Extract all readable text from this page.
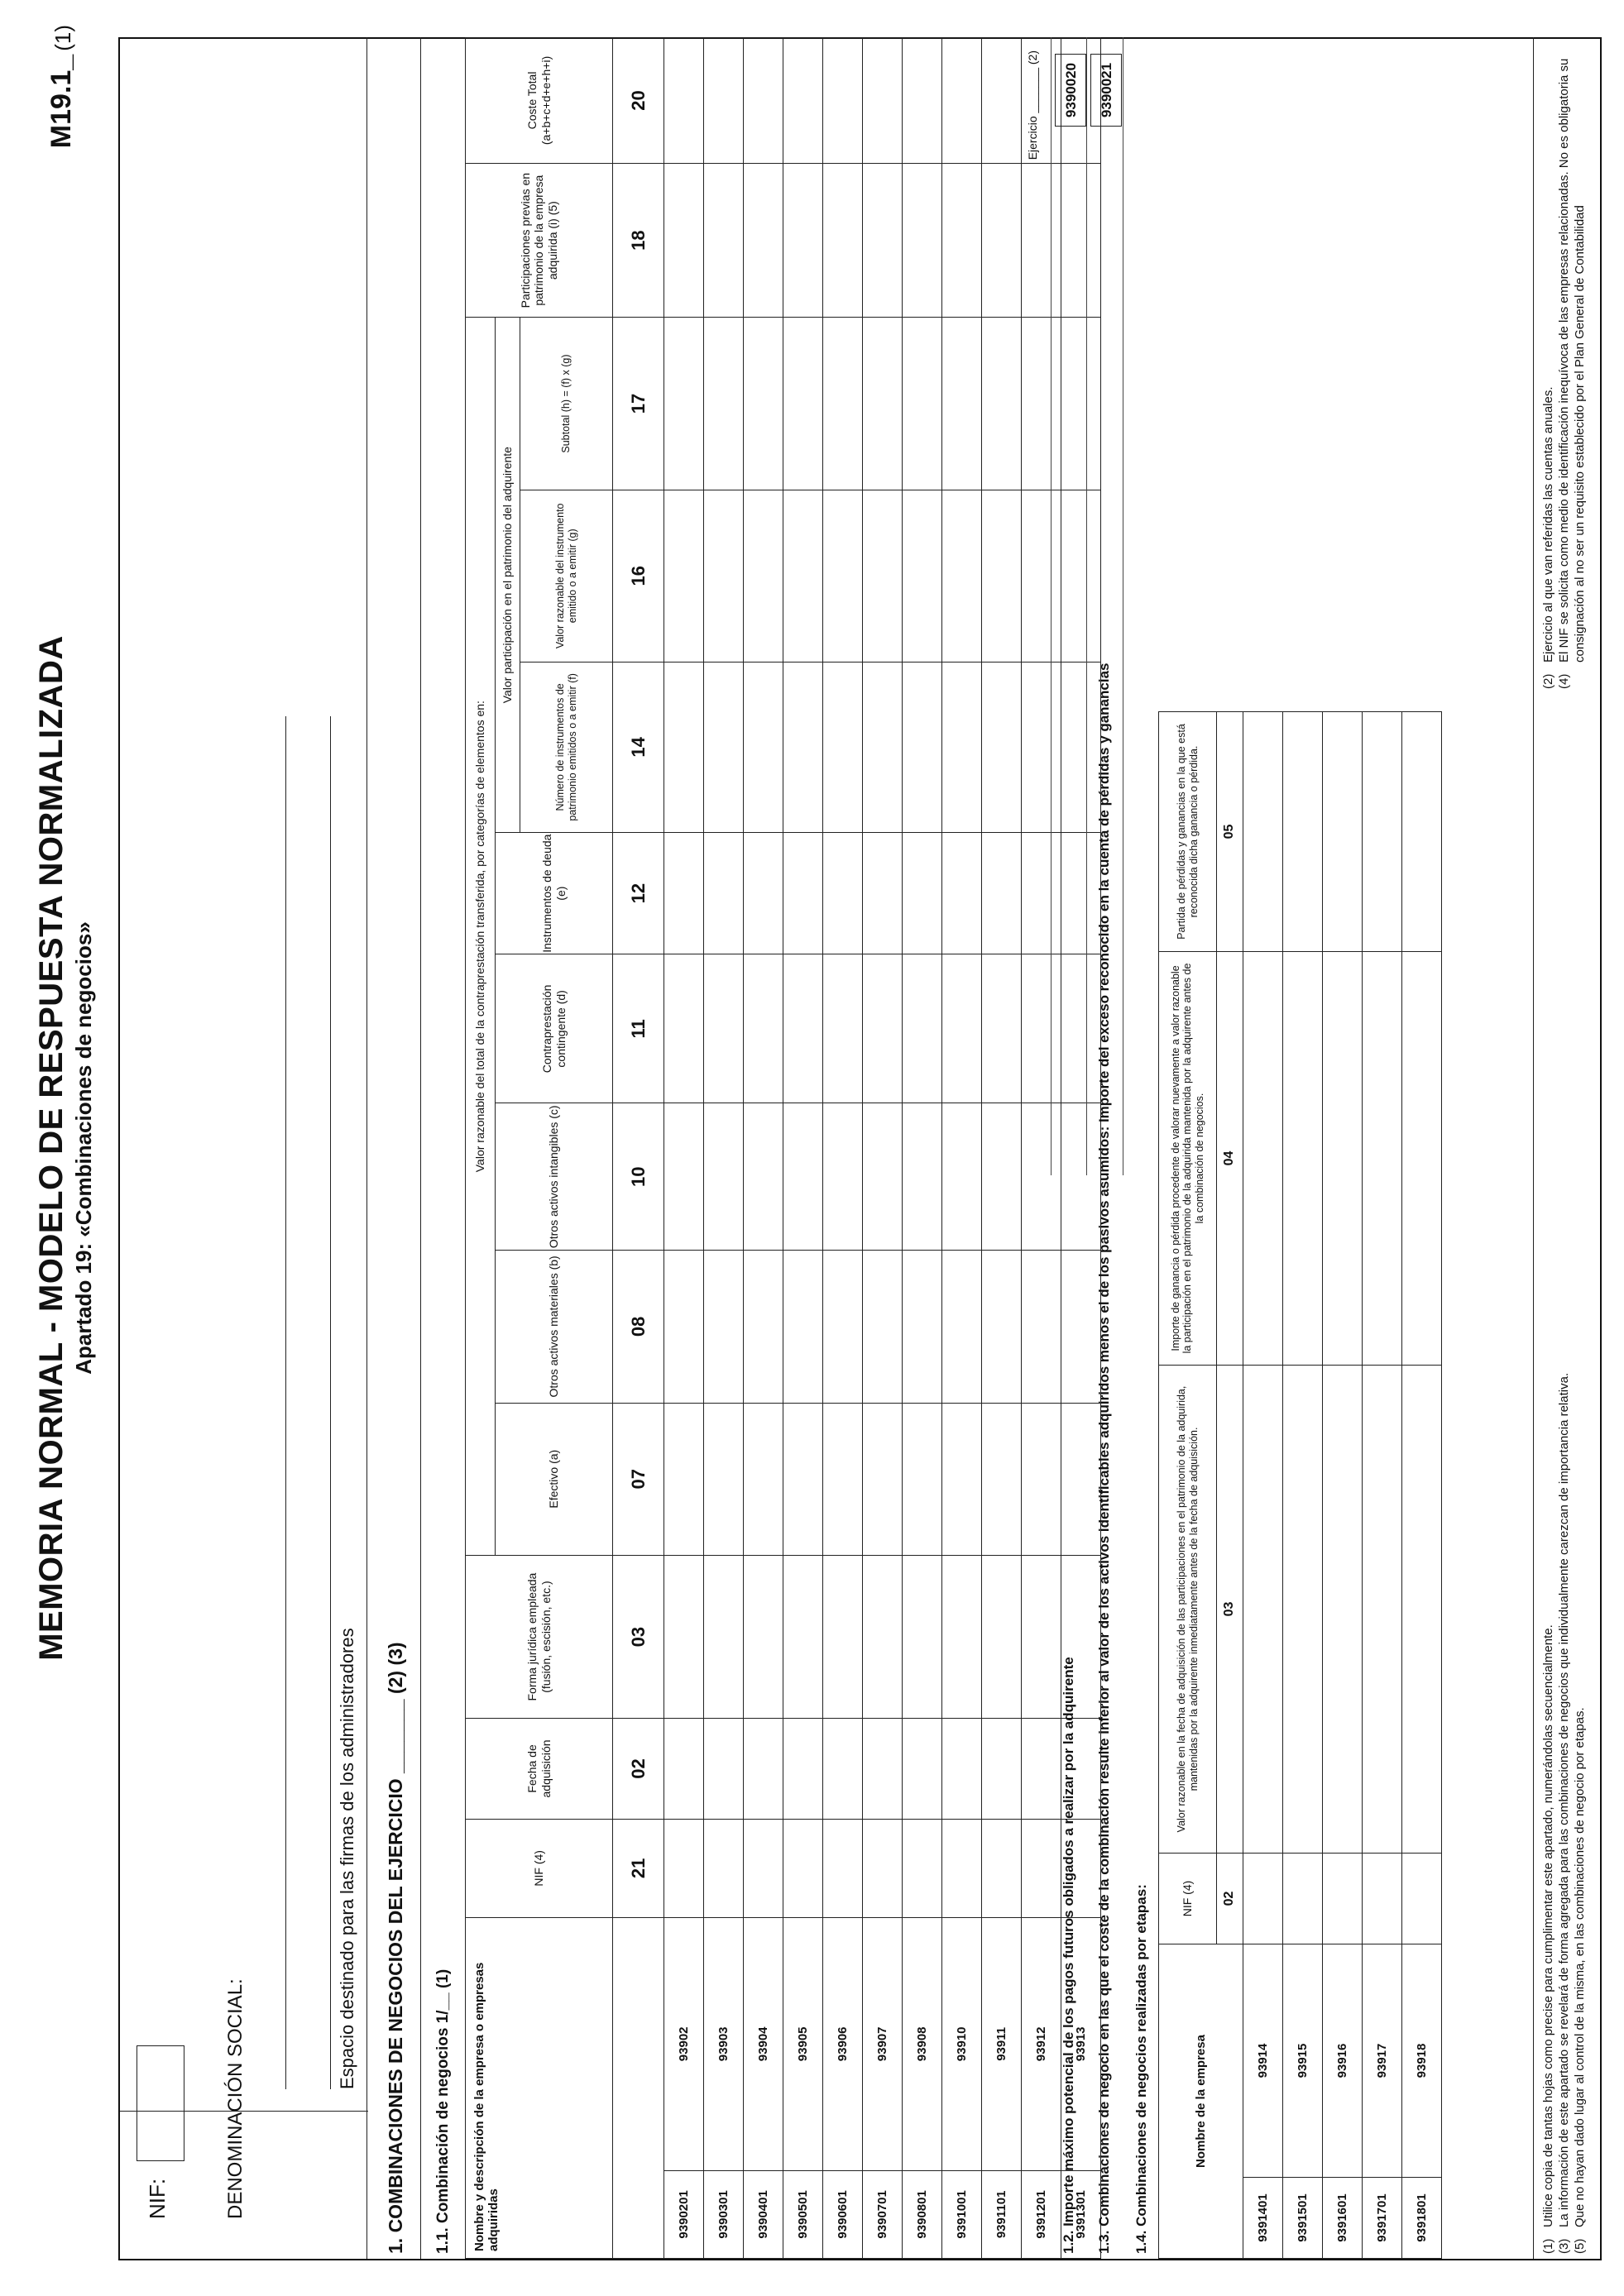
MEMORIA NORMAL - MODELO DE RESPUESTA NORMALIZADA Apartado 19: «Combinaciones de negocios»
M19.1_(1)
NIF:	DENOMINACIÓN SOCIAL:
Espacio destinado para las firmas de los administradores 1. COMBINACIONES DE NEGOCIOS DEL EJERCICIO _______ (2) (3) 1.1. Combinación de negocios 1/__ (1) Nombre y descripción de la empresa o empresas adquiridas		NIF (4)	Fecha de adquisición	Forma jurídica empleada (fusión, escisión, etc.)	Valor razonable del total de la contraprestación transferida, por categorías de elementos en:								Participaciones previas en patrimonio de la empresa adquirida (i) (5)	Coste Total (a+b+c+d+e+h+i)
					Efectivo (a)	Otros activos materiales (b)	Otros activos intangibles (c)	Contraprestación contingente (d)	Instrumentos de deuda (e)	Valor participación en el patrimonio del adquirente				
										Número de instrumentos de patrimonio emitidos o a emitir (f)	Valor razonable del instrumento emitido o a emitir (g)	Subtotal (h) = (f) x (g)		
		21	02	03	07	08	10	11	12	14	16	17	18	20
9390201	93902													
9390301	93903													
9390401	93904													
9390501	93905													
9390601	93906													
9390701	93907													
9390801	93908													
9391001	93910													
9391101	93911													
9391201	93912													
9391301	93913													
Ejercicio _______ (2)
1.2. Importe máximo potencial de los pagos futuros obligados a realizar por la adquirente
9390020
1.3. Combinaciones de negocio en las que el coste de la combinación resulte inferior al valor de los activos identificables adquiridos menos el de los pasivos asumidos: Importe del exceso reconocido en la cuenta de pérdidas y ganancias
9390021
1.4. Combinaciones de negocios realizadas por etapas:	Nombre de la empresa		NIF (4)	Valor razonable en la fecha de adquisición de las participaciones en el patrimonio de la adquirida, mantenidas por la adquirente inmediatamente antes de la fecha de adquisición.	Importe de ganancia o pérdida procedente de valorar nuevamente a valor razonable la participación en el patrimonio de la adquirida mantenida por la adquirente antes de la combinación de negocios.	Partida de pérdidas y ganancias en la que está reconocida dicha ganancia o pérdida.
		02	03	04	05
9391401	93914				
9391501	93915				
9391601	93916				
9391701	93917				
9391801	93918				
(1)
Utilice copia de tantas hojas como precise para cumplimentar este apartado, numerándolas secuencialmente.
(3)
La información de este apartado se revelará de forma agregada para las combinaciones de negocios que individualmente carezcan de importancia relativa.
(5)
Que no hayan dado lugar al control de la misma, en las combinaciones de negocio por etapas.
(2)
Ejercicio al que van referidas las cuentas anuales.
(4)
El NIF se solicita como medio de identificación inequívoca de las empresas relacionadas. No es obligatoria su consignación al no ser un requisito establecido por el Plan General de Contabilidad
